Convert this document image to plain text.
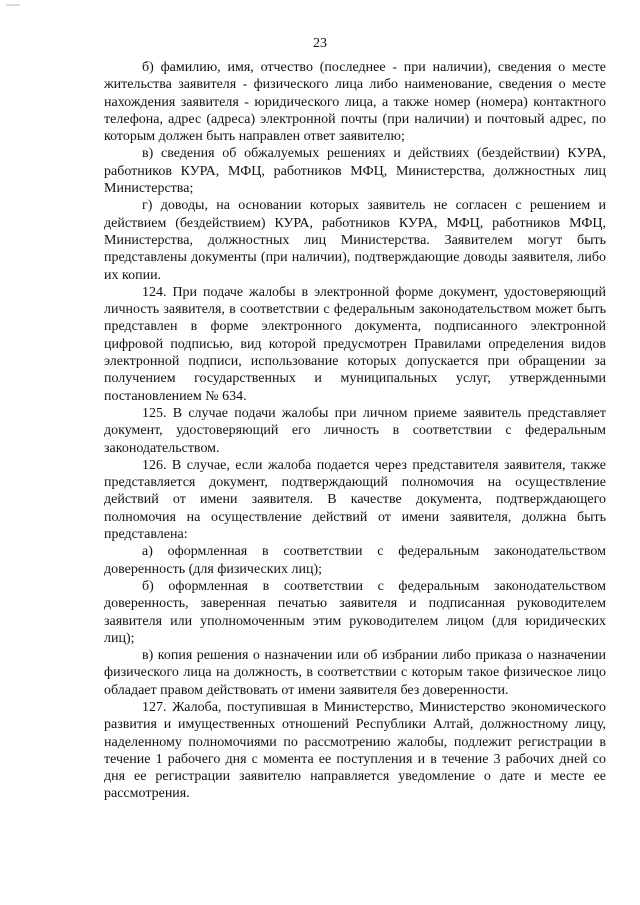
23

б) фамилию, имя, отчество (последнее - при наличии), сведения о месте жительства заявителя - физического лица либо наименование, сведения о месте нахождения заявителя - юридического лица, а также номер (номера) контактного телефона, адрес (адреса) электронной почты (при наличии) и почтовый адрес, по которым должен быть направлен ответ заявителю;

в) сведения об обжалуемых решениях и действиях (бездействии) КУРА, работников КУРА, МФЦ, работников МФЦ, Министерства, должностных лиц Министерства;

г) доводы, на основании которых заявитель не согласен с решением и действием (бездействием) КУРА, работников КУРА, МФЦ, работников МФЦ, Министерства, должностных лиц Министерства. Заявителем могут быть представлены документы (при наличии), подтверждающие доводы заявителя, либо их копии.

124. При подаче жалобы в электронной форме документ, удостоверяющий личность заявителя, в соответствии с федеральным законодательством может быть представлен в форме электронного документа, подписанного электронной цифровой подписью, вид которой предусмотрен Правилами определения видов электронной подписи, использование которых допускается при обращении за получением государственных и муниципальных услуг, утвержденными постановлением № 634.

125. В случае подачи жалобы при личном приеме заявитель представляет документ, удостоверяющий его личность в соответствии с федеральным законодательством.

126. В случае, если жалоба подается через представителя заявителя, также представляется документ, подтверждающий полномочия на осуществление действий от имени заявителя. В качестве документа, подтверждающего полномочия на осуществление действий от имени заявителя, должна быть представлена:

а) оформленная в соответствии с федеральным законодательством доверенность (для физических лиц);

б) оформленная в соответствии с федеральным законодательством доверенность, заверенная печатью заявителя и подписанная руководителем заявителя или уполномоченным этим руководителем лицом (для юридических лиц);

в) копия решения о назначении или об избрании либо приказа о назначении физического лица на должность, в соответствии с которым такое физическое лицо обладает правом действовать от имени заявителя без доверенности.

127. Жалоба, поступившая в Министерство, Министерство экономического развития и имущественных отношений Республики Алтай, должностному лицу, наделенному полномочиями по рассмотрению жалобы, подлежит регистрации в течение 1 рабочего дня с момента ее поступления и в течение 3 рабочих дней со дня ее регистрации заявителю направляется уведомление о дате и месте ее рассмотрения.
